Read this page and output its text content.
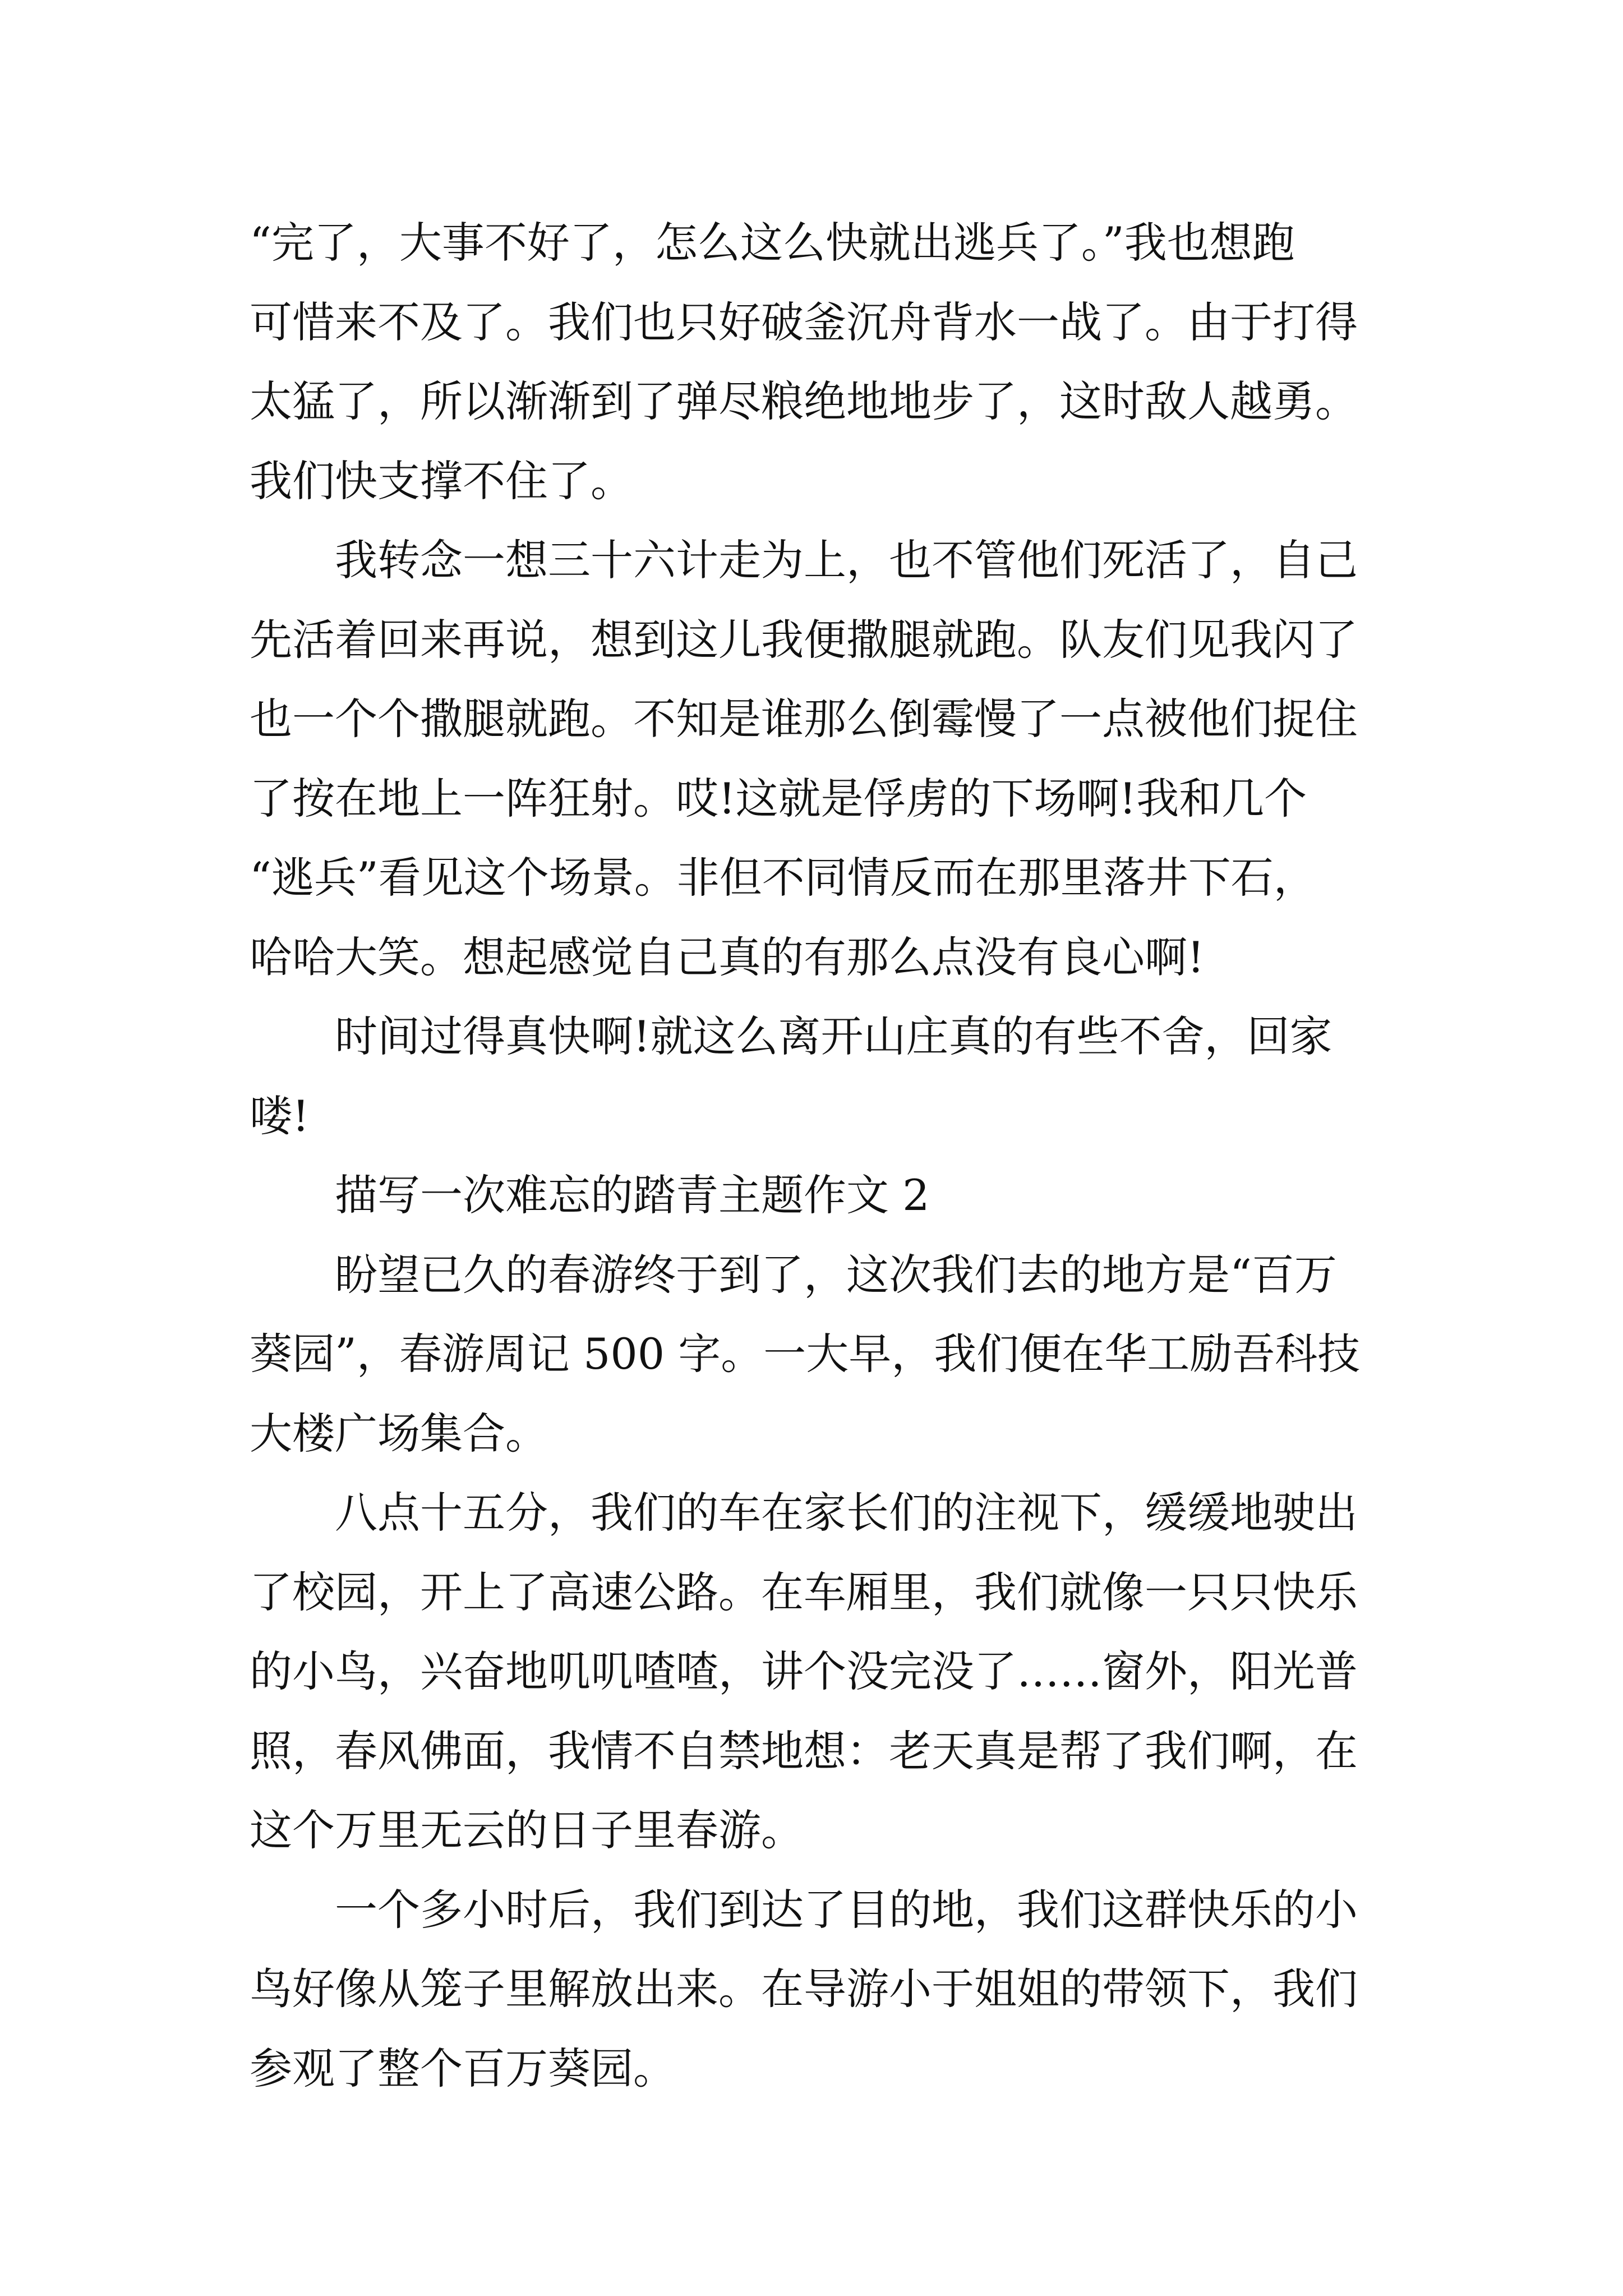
“完了，大事不好了，怎么这么快就出逃兵了。”我也想跑
可惜来不及了。我们也只好破釜沉舟背水一战了。由于打得
太猛了，所以渐渐到了弹尽粮绝地地步了，这时敌人越勇。
我们快支撑不住了。
我转念一想三十六计走为上，也不管他们死活了，自己
先活着回来再说，想到这儿我便撒腿就跑。队友们见我闪了
也一个个撒腿就跑。不知是谁那么倒霉慢了一点被他们捉住
了按在地上一阵狂射。哎!这就是俘虏的下场啊!我和几个
“逃兵”看见这个场景。非但不同情反而在那里落井下石，
哈哈大笑。想起感觉自己真的有那么点没有良心啊!
时间过得真快啊!就这么离开山庄真的有些不舍，回家
喽!
描写一次难忘的踏青主题作文 2
盼望已久的春游终于到了，这次我们去的地方是“百万
葵园”，春游周记 500 字。一大早，我们便在华工励吾科技
大楼广场集合。
八点十五分，我们的车在家长们的注视下，缓缓地驶出
了校园，开上了高速公路。在车厢里，我们就像一只只快乐
的小鸟，兴奋地叽叽喳喳，讲个没完没了……窗外，阳光普
照，春风佛面，我情不自禁地想：老天真是帮了我们啊，在
这个万里无云的日子里春游。
一个多小时后，我们到达了目的地，我们这群快乐的小
鸟好像从笼子里解放出来。在导游小于姐姐的带领下，我们
参观了整个百万葵园。
